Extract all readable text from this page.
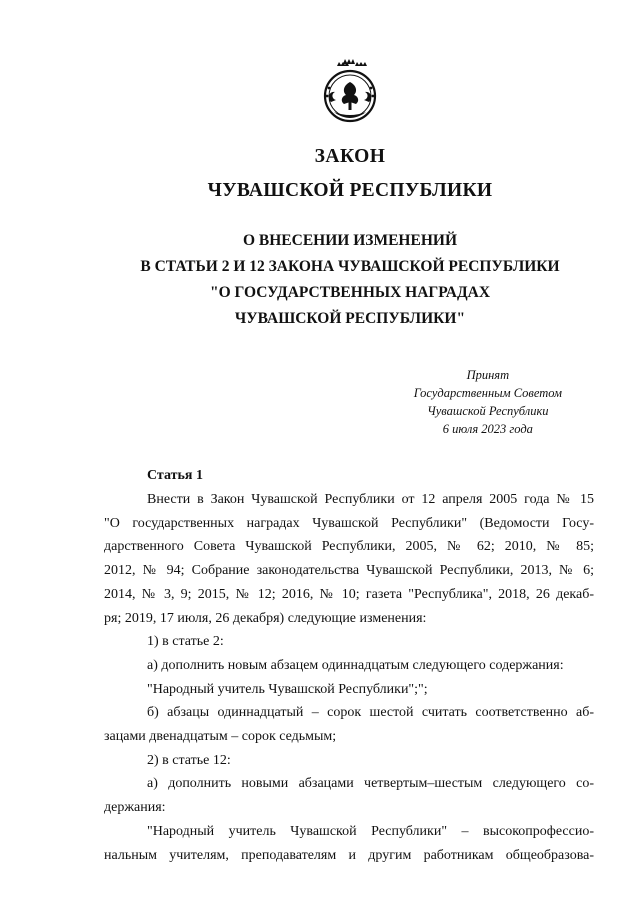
ЗАКОН
ЧУВАШСКОЙ РЕСПУБЛИКИ
О ВНЕСЕНИИ ИЗМЕНЕНИЙ
В СТАТЬИ 2 И 12 ЗАКОНА ЧУВАШСКОЙ РЕСПУБЛИКИ
"О ГОСУДАРСТВЕННЫХ НАГРАДАХ
ЧУВАШСКОЙ РЕСПУБЛИКИ"
Принят
Государственным Советом
Чувашской Республики
6 июля 2023 года
Статья 1

Внести в Закон Чувашской Республики от 12 апреля 2005 года № 15
"О государственных наградах Чувашской Республики" (Ведомости Госу-
дарственного Совета Чувашской Республики, 2005, № 62; 2010, № 85;
2012, № 94; Собрание законодательства Чувашской Республики, 2013, № 6;
2014, № 3, 9; 2015, № 12; 2016, № 10; газета "Республика", 2018, 26 декаб-
ря; 2019, 17 июля, 26 декабря) следующие изменения:

1) в статье 2:

а) дополнить новым абзацем одиннадцатым следующего содержания:

"Народный учитель Чувашской Республики";";

б) абзацы одиннадцатый – сорок шестой считать соответственно аб-
зацами двенадцатым – сорок седьмым;

2) в статье 12:

а) дополнить новыми абзацами четвертым–шестым следующего со-
держания:

"Народный учитель Чувашской Республики" – высокопрофессио-
нальным учителям, преподавателям и другим работникам общеобразова-
